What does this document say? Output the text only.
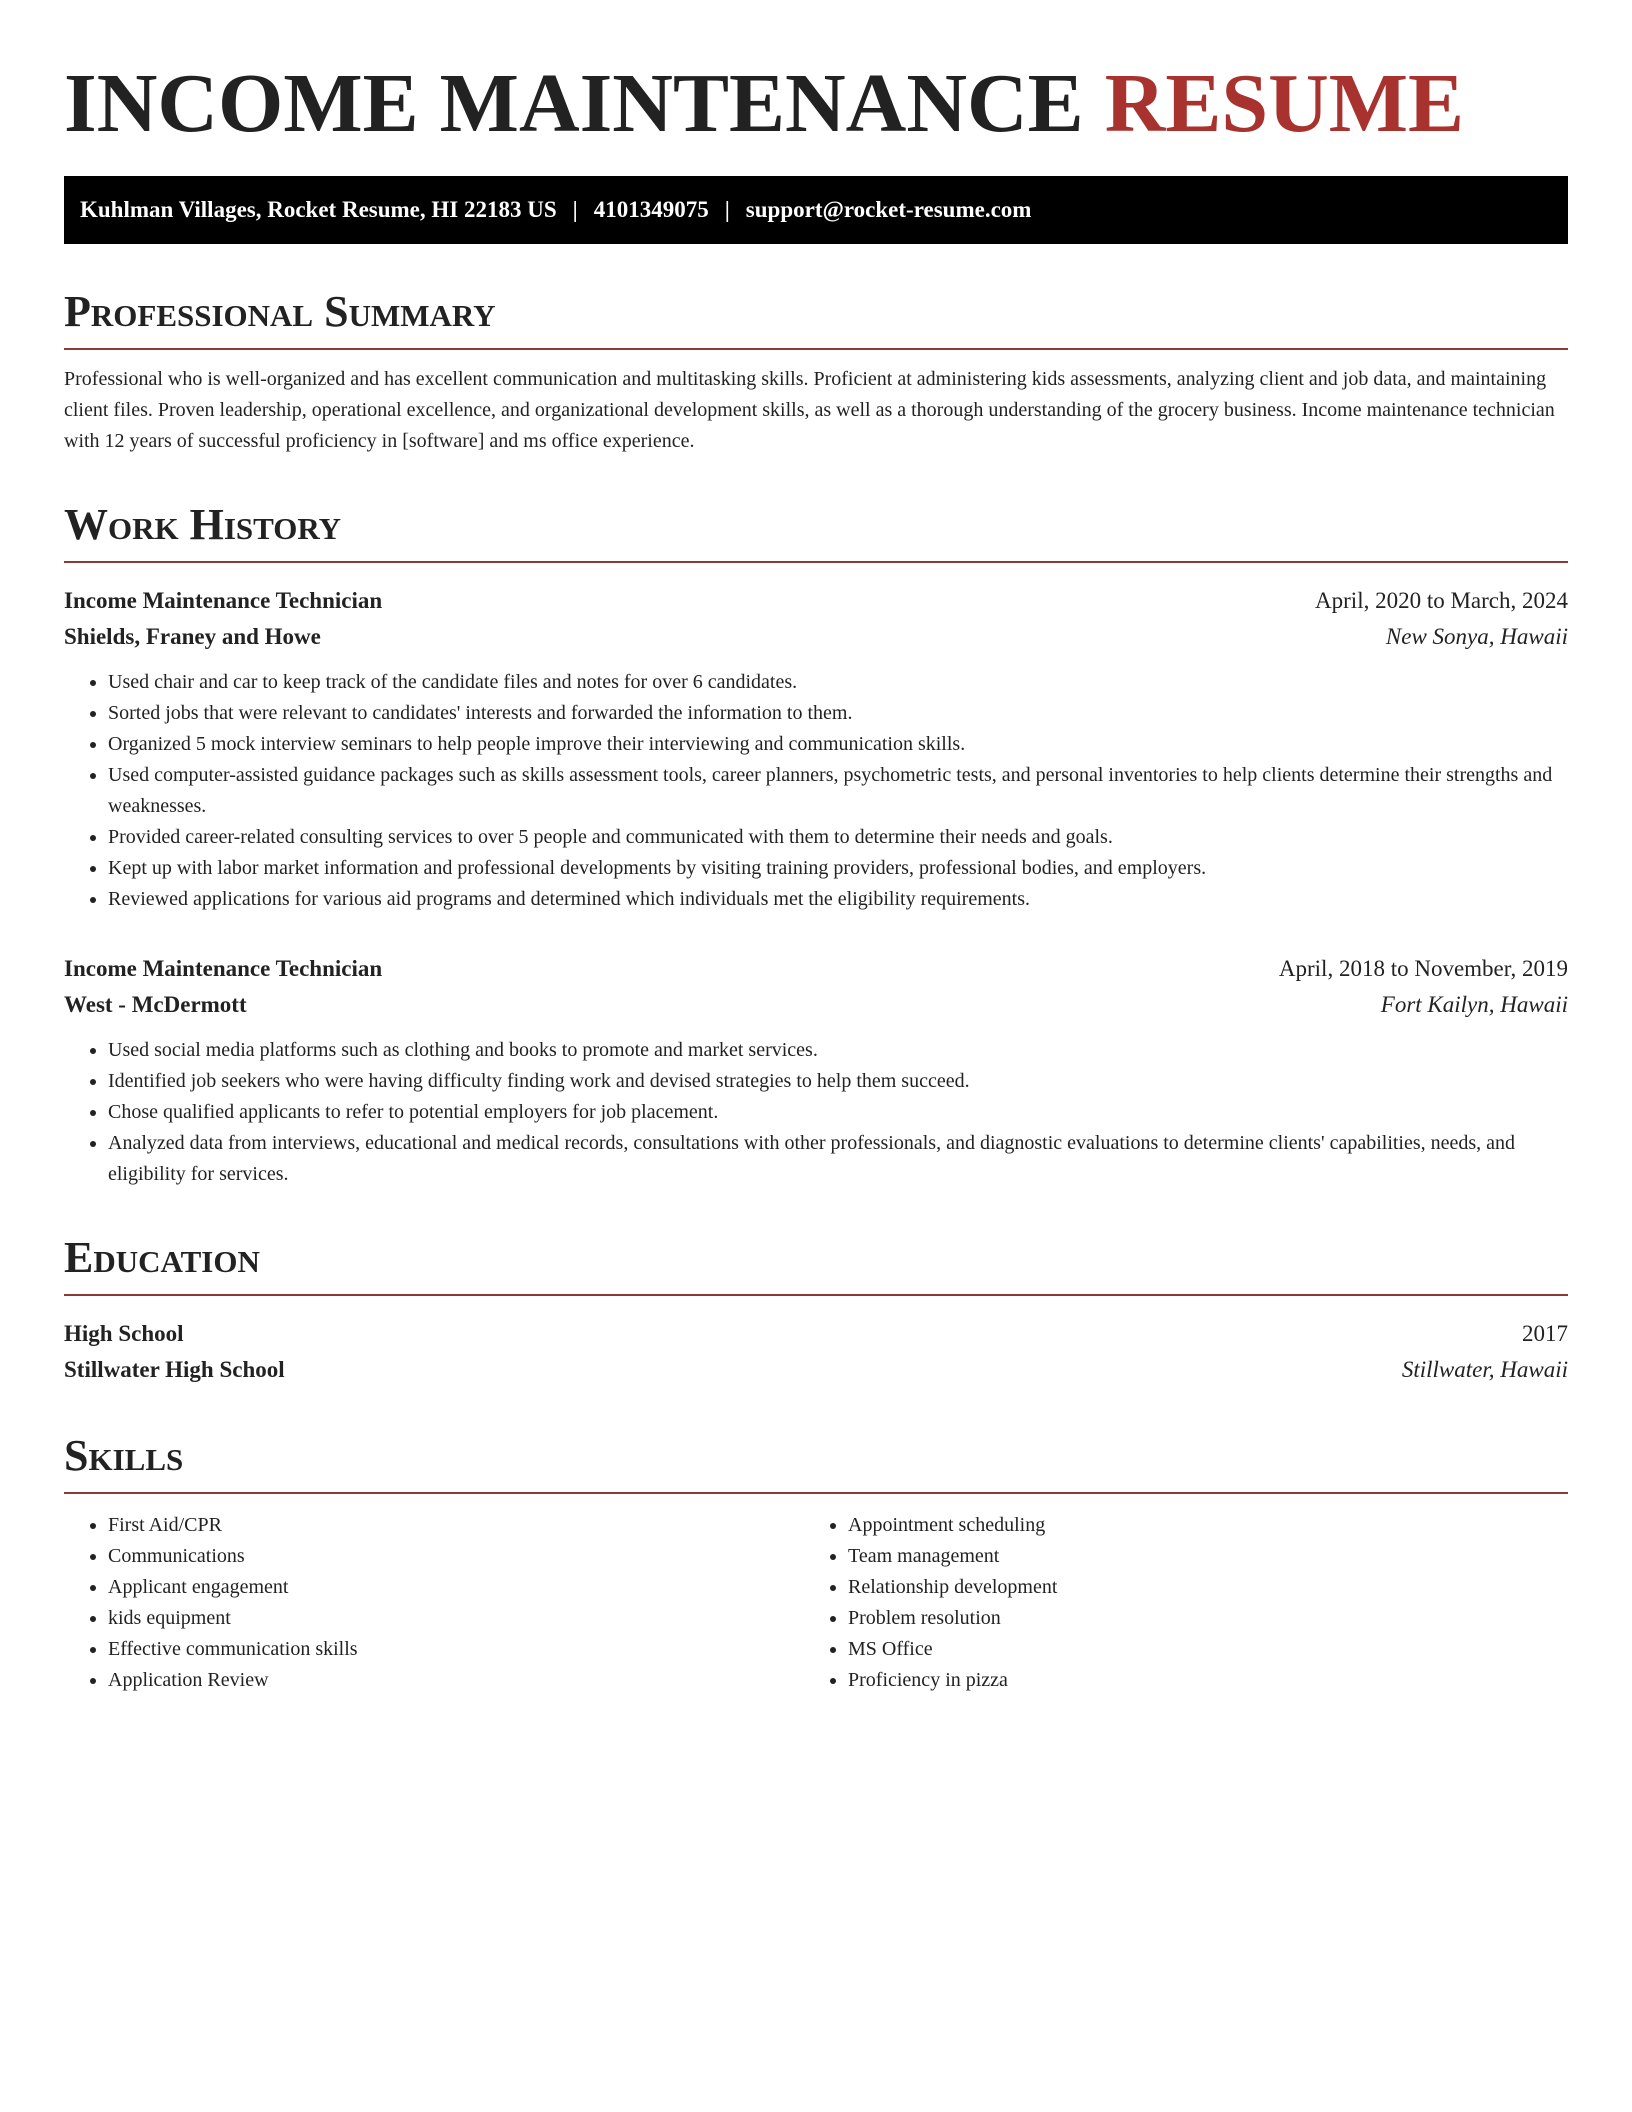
INCOME MAINTENANCE RESUME
Kuhlman Villages, Rocket Resume, HI 22183 US | 4101349075 | support@rocket-resume.com
Professional Summary

Professional who is well-organized and has excellent communication and multitasking skills. Proficient at administering kids assessments, analyzing client and job data, and maintaining client files. Proven leadership, operational excellence, and organizational development skills, as well as a thorough understanding of the grocery business. Income maintenance technician with 12 years of successful proficiency in [software] and ms office experience.

Work History
Income Maintenance Technician	April, 2020 to March, 2024
Shields, Franey and Howe	New Sonya, Hawaii
• Used chair and car to keep track of the candidate files and notes for over 6 candidates.
• Sorted jobs that were relevant to candidates' interests and forwarded the information to them.
• Organized 5 mock interview seminars to help people improve their interviewing and communication skills.
• Used computer-assisted guidance packages such as skills assessment tools, career planners, psychometric tests, and personal inventories to help clients determine their strengths and weaknesses.
• Provided career-related consulting services to over 5 people and communicated with them to determine their needs and goals.
• Kept up with labor market information and professional developments by visiting training providers, professional bodies, and employers.
• Reviewed applications for various aid programs and determined which individuals met the eligibility requirements.
Income Maintenance Technician	April, 2018 to November, 2019
West - McDermott	Fort Kailyn, Hawaii
• Used social media platforms such as clothing and books to promote and market services.
• Identified job seekers who were having difficulty finding work and devised strategies to help them succeed.
• Chose qualified applicants to refer to potential employers for job placement.
• Analyzed data from interviews, educational and medical records, consultations with other professionals, and diagnostic evaluations to determine clients' capabilities, needs, and eligibility for services.
Education
High School	2017
Stillwater High School	Stillwater, Hawaii
Skills
• First Aid/CPR
• Communications
• Applicant engagement
• kids equipment
• Effective communication skills
• Application Review
• Appointment scheduling
• Team management
• Relationship development
• Problem resolution
• MS Office
• Proficiency in pizza
